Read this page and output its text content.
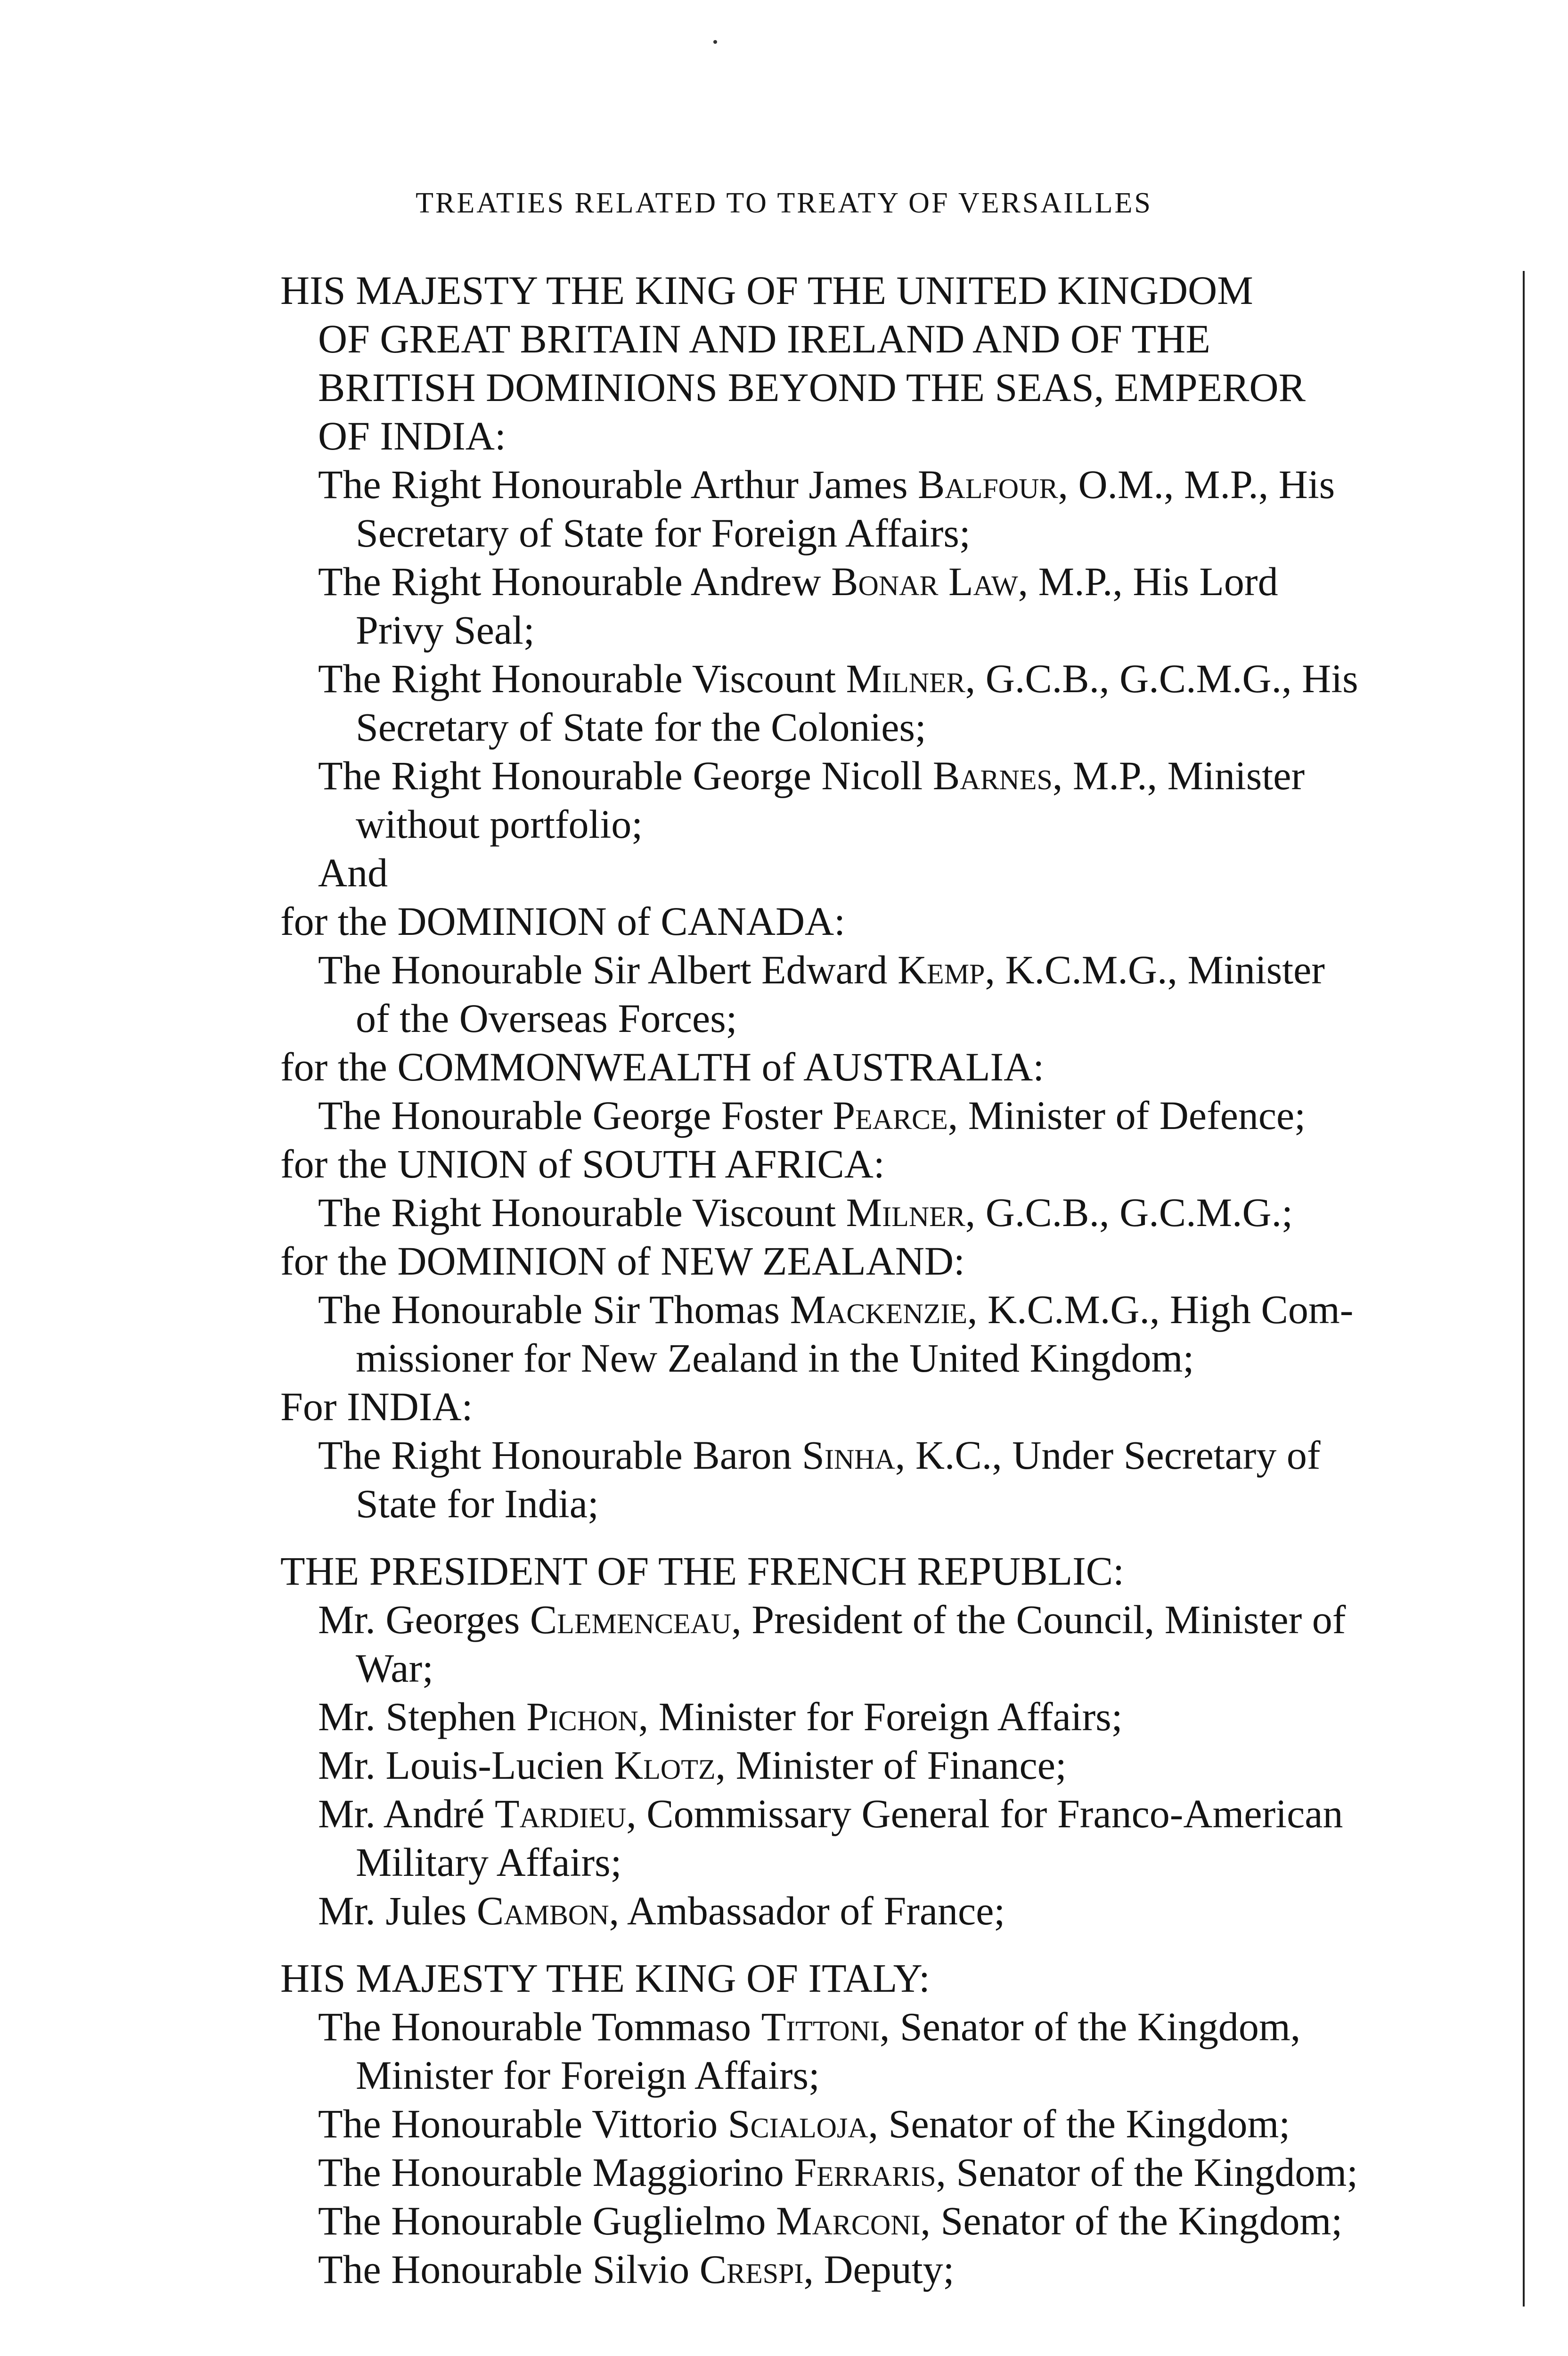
TREATIES RELATED TO TREATY OF VERSAILLES
HIS MAJESTY THE KING OF THE UNITED KINGDOM
OF GREAT BRITAIN AND IRELAND AND OF THE
BRITISH DOMINIONS BEYOND THE SEAS, EMPEROR
OF INDIA:
The Right Honourable Arthur James Balfour, O.M., M.P., His
Secretary of State for Foreign Affairs;
The Right Honourable Andrew Bonar Law, M.P., His Lord
Privy Seal;
The Right Honourable Viscount Milner, G.C.B., G.C.M.G., His
Secretary of State for the Colonies;
The Right Honourable George Nicoll Barnes, M.P., Minister
without portfolio;
And
for the DOMINION of CANADA:
The Honourable Sir Albert Edward Kemp, K.C.M.G., Minister
of the Overseas Forces;
for the COMMONWEALTH of AUSTRALIA:
The Honourable George Foster Pearce, Minister of Defence;
for the UNION of SOUTH AFRICA:
The Right Honourable Viscount Milner, G.C.B., G.C.M.G.;
for the DOMINION of NEW ZEALAND:
The Honourable Sir Thomas Mackenzie, K.C.M.G., High Com-
missioner for New Zealand in the United Kingdom;
For INDIA:
The Right Honourable Baron Sinha, K.C., Under Secretary of
State for India;
THE PRESIDENT OF THE FRENCH REPUBLIC:
Mr. Georges Clemenceau, President of the Council, Minister of
War;
Mr. Stephen Pichon, Minister for Foreign Affairs;
Mr. Louis-Lucien Klotz, Minister of Finance;
Mr. André Tardieu, Commissary General for Franco-American
Military Affairs;
Mr. Jules Cambon, Ambassador of France;
HIS MAJESTY THE KING OF ITALY:
The Honourable Tommaso Tittoni, Senator of the Kingdom,
Minister for Foreign Affairs;
The Honourable Vittorio Scialoja, Senator of the Kingdom;
The Honourable Maggiorino Ferraris, Senator of the Kingdom;
The Honourable Guglielmo Marconi, Senator of the Kingdom;
The Honourable Silvio Crespi, Deputy;
